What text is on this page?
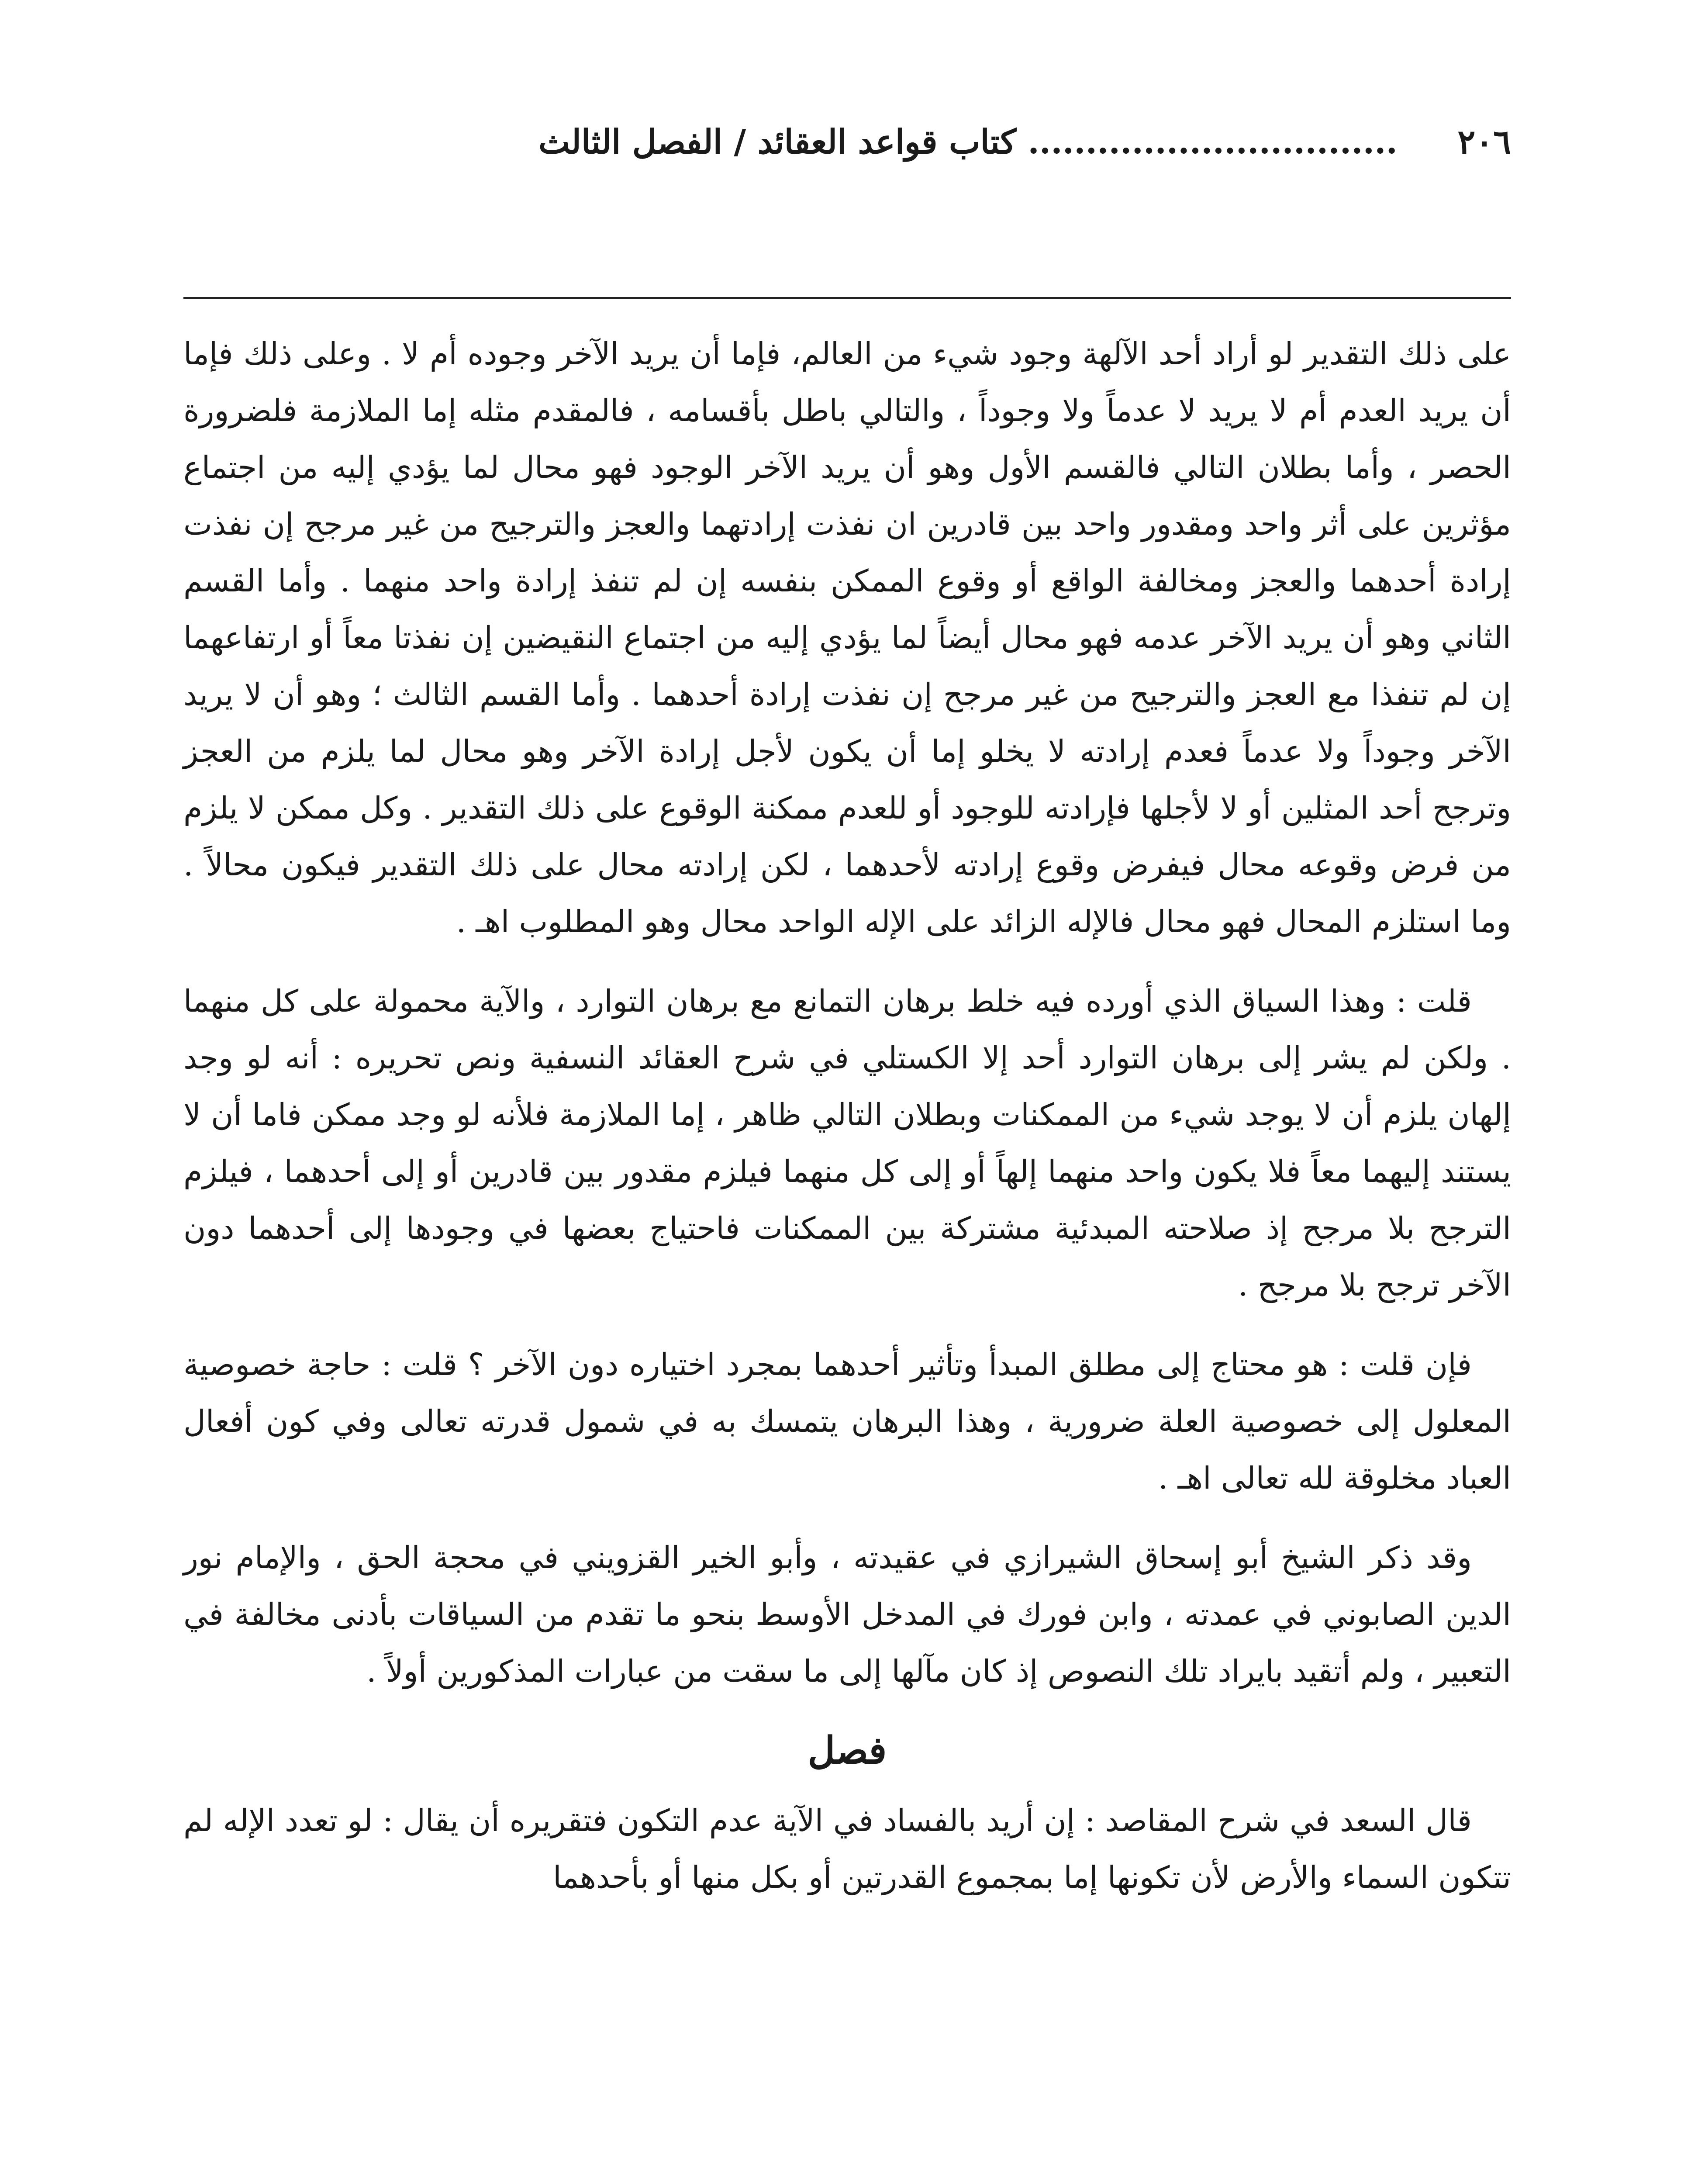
٢٠٦
................................ كتاب قواعد العقائد / الفصل الثالث

على ذلك التقدير لو أراد أحد الآلهة وجود شيء من العالم، فإما أن يريد الآخر وجوده أم لا . وعلى ذلك فإما أن يريد العدم أم لا يريد لا عدماً ولا وجوداً ، والتالي باطل بأقسامه ، فالمقدم مثله إما الملازمة فلضرورة الحصر ، وأما بطلان التالي فالقسم الأول وهو أن يريد الآخر الوجود فهو محال لما يؤدي إليه من اجتماع مؤثرين على أثر واحد ومقدور واحد بين قادرين ان نفذت إرادتهما والعجز والترجيح من غير مرجح إن نفذت إرادة أحدهما والعجز ومخالفة الواقع أو وقوع الممكن بنفسه إن لم تنفذ إرادة واحد منهما . وأما القسم الثاني وهو أن يريد الآخر عدمه فهو محال أيضاً لما يؤدي إليه من اجتماع النقيضين إن نفذتا معاً أو ارتفاعهما إن لم تنفذا مع العجز والترجيح من غير مرجح إن نفذت إرادة أحدهما . وأما القسم الثالث ؛ وهو أن لا يريد الآخر وجوداً ولا عدماً فعدم إرادته لا يخلو إما أن يكون لأجل إرادة الآخر وهو محال لما يلزم من العجز وترجح أحد المثلين أو لا لأجلها فإرادته للوجود أو للعدم ممكنة الوقوع على ذلك التقدير . وكل ممكن لا يلزم من فرض وقوعه محال فيفرض وقوع إرادته لأحدهما ، لكن إرادته محال على ذلك التقدير فيكون محالاً . وما استلزم المحال فهو محال فالإله الزائد على الإله الواحد محال وهو المطلوب اهـ .

قلت : وهذا السياق الذي أورده فيه خلط برهان التمانع مع برهان التوارد ، والآية محمولة على كل منهما . ولكن لم يشر إلى برهان التوارد أحد إلا الكستلي في شرح العقائد النسفية ونص تحريره : أنه لو وجد إلهان يلزم أن لا يوجد شيء من الممكنات وبطلان التالي ظاهر ، إما الملازمة فلأنه لو وجد ممكن فاما أن لا يستند إليهما معاً فلا يكون واحد منهما إلهاً أو إلى كل منهما فيلزم مقدور بين قادرين أو إلى أحدهما ، فيلزم الترجح بلا مرجح إذ صلاحته المبدئية مشتركة بين الممكنات فاحتياج بعضها في وجودها إلى أحدهما دون الآخر ترجح بلا مرجح .

فإن قلت : هو محتاج إلى مطلق المبدأ وتأثير أحدهما بمجرد اختياره دون الآخر ؟ قلت : حاجة خصوصية المعلول إلى خصوصية العلة ضرورية ، وهذا البرهان يتمسك به في شمول قدرته تعالى وفي كون أفعال العباد مخلوقة لله تعالى اهـ .

وقد ذكر الشيخ أبو إسحاق الشيرازي في عقيدته ، وأبو الخير القزويني في محجة الحق ، والإمام نور الدين الصابوني في عمدته ، وابن فورك في المدخل الأوسط بنحو ما تقدم من السياقات بأدنى مخالفة في التعبير ، ولم أتقيد بايراد تلك النصوص إذ كان مآلها إلى ما سقت من عبارات المذكورين أولاً .

فصل

قال السعد في شرح المقاصد : إن أريد بالفساد في الآية عدم التكون فتقريره أن يقال : لو تعدد الإله لم تتكون السماء والأرض لأن تكونها إما بمجموع القدرتين أو بكل منها أو بأحدهما
